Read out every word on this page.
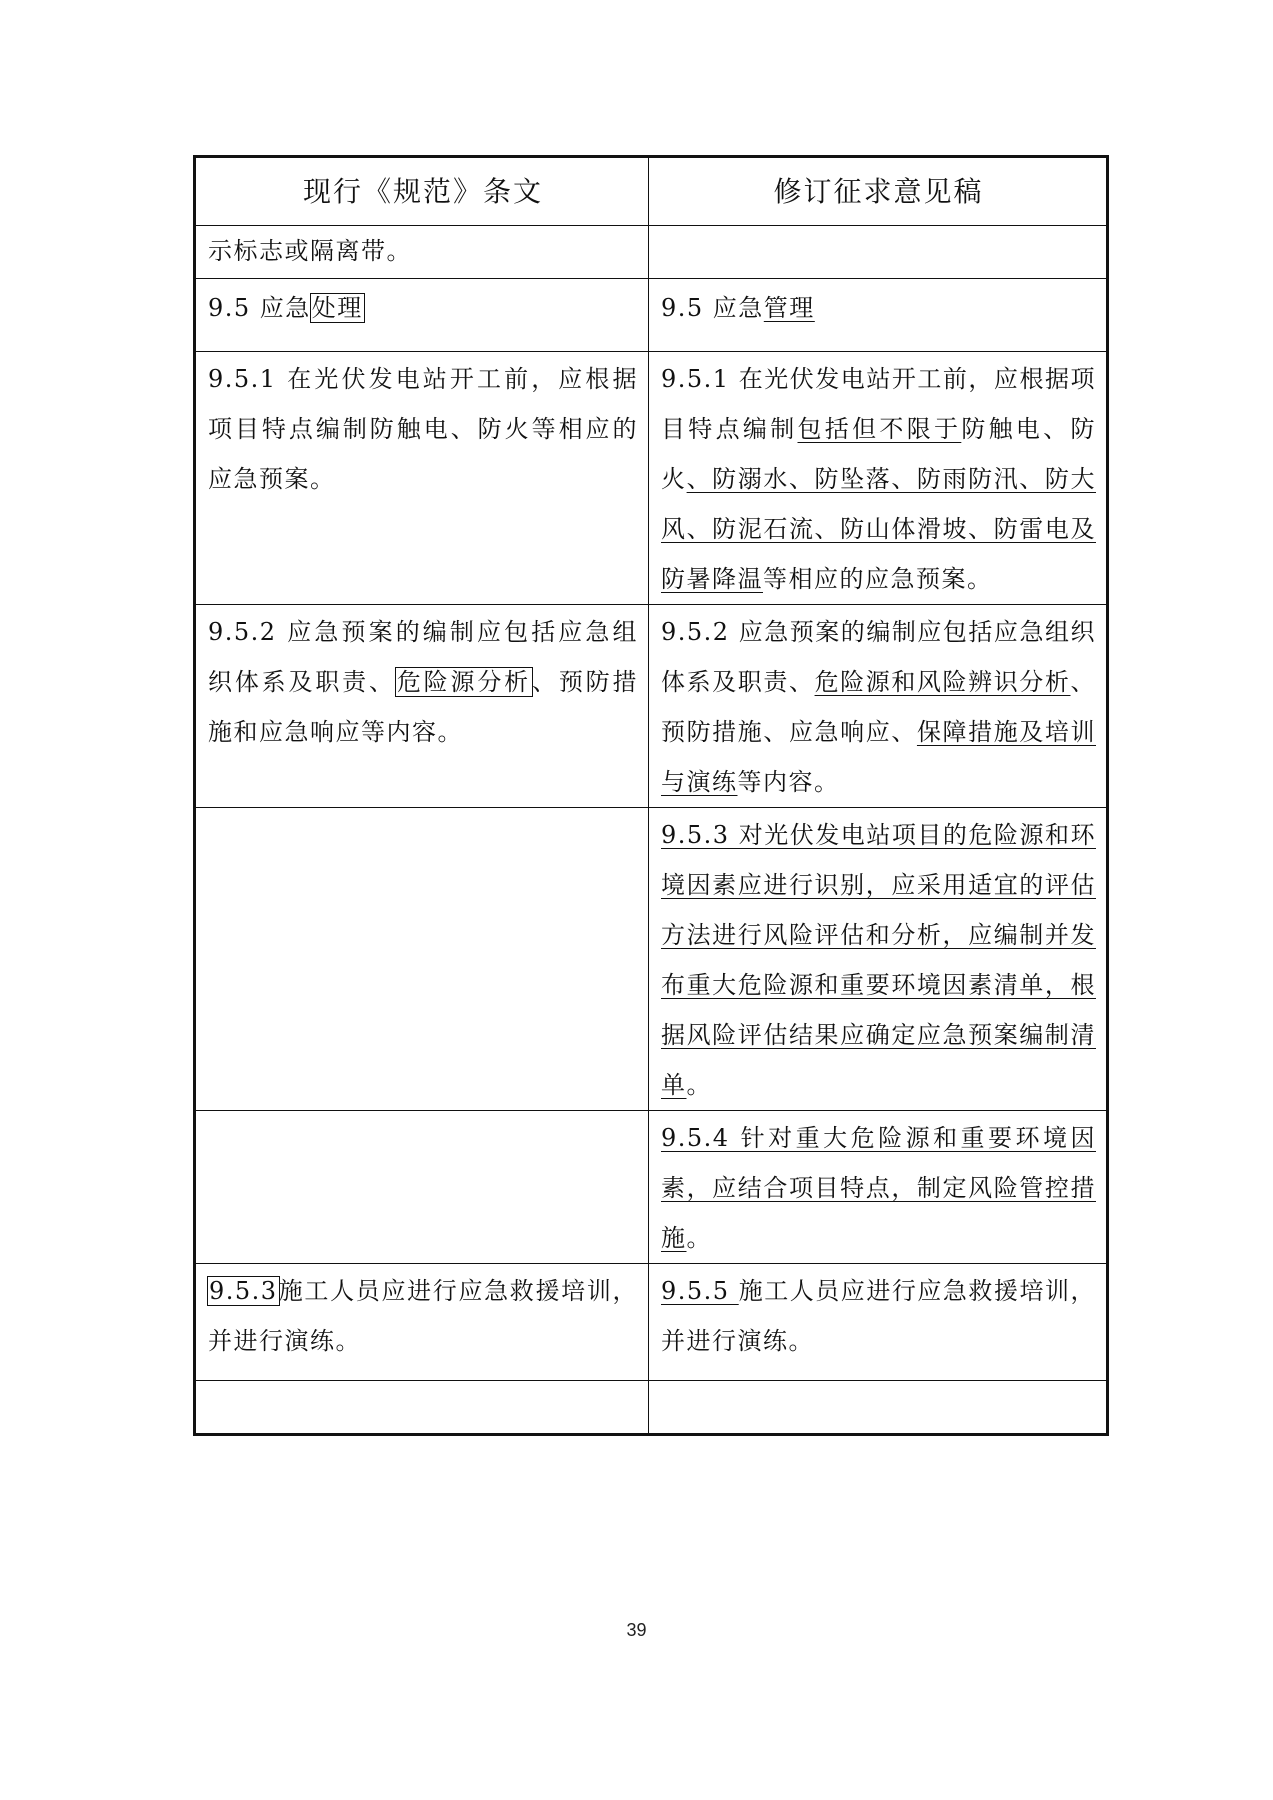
现行《规范》条文	修订征求意见稿

示标志或隔离带。	

9.5 应急处理	9.5 应急管理

9.5.1 在光伏发电站开工前，应根据项目特点编制防触电、防火等相应的应急预案。	9.5.1 在光伏发电站开工前，应根据项目特点编制包括但不限于防触电、防火、防溺水、防坠落、防雨防汛、防大风、防泥石流、防山体滑坡、防雷电及防暑降温等相应的应急预案。

9.5.2 应急预案的编制应包括应急组织体系及职责、危险源分析、预防措施和应急响应等内容。	9.5.2 应急预案的编制应包括应急组织体系及职责、危险源和风险辨识分析、预防措施、应急响应、保障措施及培训与演练等内容。

	9.5.3 对光伏发电站项目的危险源和环境因素应进行识别，应采用适宜的评估方法进行风险评估和分析，应编制并发布重大危险源和重要环境因素清单，根据风险评估结果应确定应急预案编制清单。

	9.5.4 针对重大危险源和重要环境因素，应结合项目特点，制定风险管控措施。

9.5.3施工人员应进行应急救援培训，并进行演练。	9.5.5 施工人员应进行应急救援培训，并进行演练。

39
